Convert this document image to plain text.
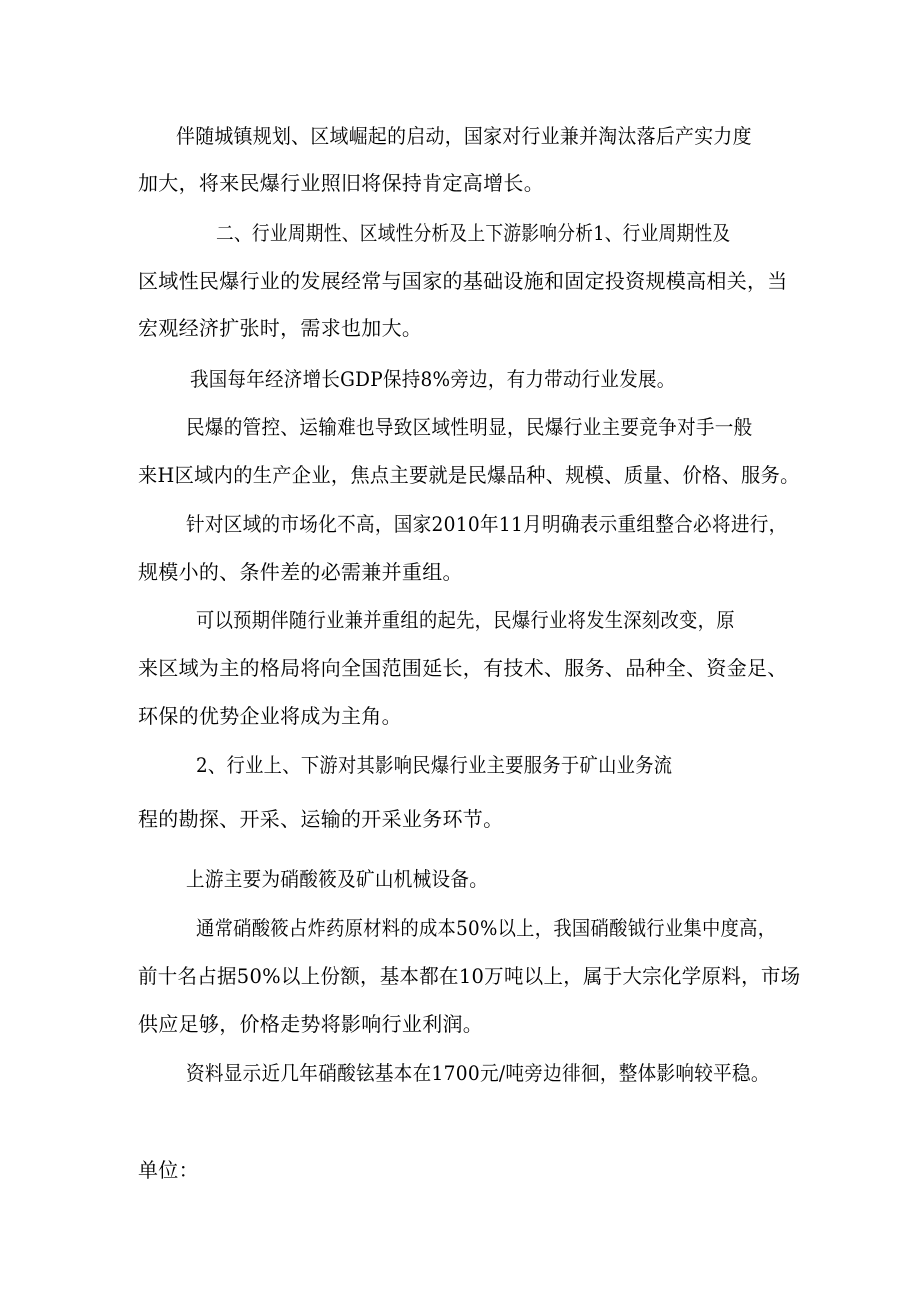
伴随城镇规划、区域崛起的启动，国家对行业兼并淘汰落后产实力度
加大，将来民爆行业照旧将保持肯定高增长。
二、行业周期性、区域性分析及上下游影响分析1、行业周期性及
区域性民爆行业的发展经常与国家的基础设施和固定投资规模高相关，当
宏观经济扩张时，需求也加大。
我国每年经济增长GDP保持8%旁边，有力带动行业发展。
民爆的管控、运输难也导致区域性明显，民爆行业主要竞争对手一般
来H区域内的生产企业，焦点主要就是民爆品种、规模、质量、价格、服务。
针对区域的市场化不高，国家2010年11月明确表示重组整合必将进行，
规模小的、条件差的必需兼并重组。
可以预期伴随行业兼并重组的起先，民爆行业将发生深刻改变，原
来区域为主的格局将向全国范围延长，有技术、服务、品种全、资金足、
环保的优势企业将成为主角。
2、行业上、下游对其影响民爆行业主要服务于矿山业务流
程的勘探、开采、运输的开采业务环节。
上游主要为硝酸筱及矿山机械设备。
通常硝酸筱占炸药原材料的成本50%以上，我国硝酸钺行业集中度高，
前十名占据50%以上份额，基本都在10万吨以上，属于大宗化学原料，市场
供应足够，价格走势将影响行业利润。
资料显示近几年硝酸铉基本在1700元/吨旁边徘徊，整体影响较平稳。
单位：
